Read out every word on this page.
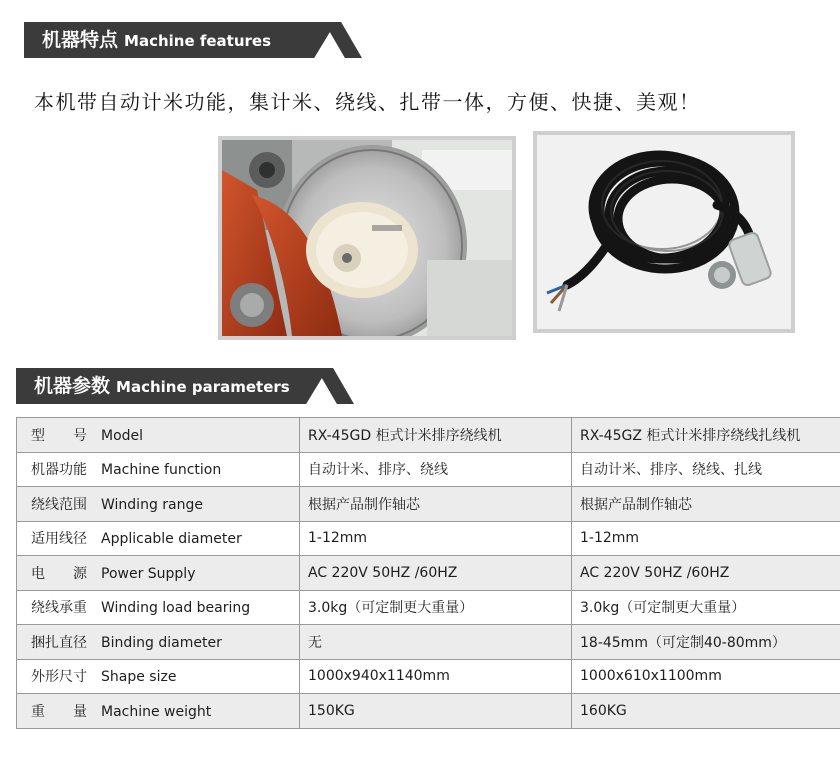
机器特点 Machine features
本机带自动计米功能，集计米、绕线、扎带一体，方便、快捷、美观！
机器参数 Machine parameters
型　　号 Model	RX-45GD 柜式计米排序绕线机	RX-45GZ 柜式计米排序绕线扎线机
机器功能 Machine function	自动计米、排序、绕线	自动计米、排序、绕线、扎线
绕线范围 Winding range	根据产品制作轴芯	根据产品制作轴芯
适用线径 Applicable diameter	1-12mm	1-12mm
电　　源 Power Supply	AC 220V 50HZ /60HZ	AC 220V 50HZ /60HZ
绕线承重 Winding load bearing	3.0kg（可定制更大重量）	3.0kg（可定制更大重量）
捆扎直径 Binding diameter	无	18-45mm（可定制40-80mm）
外形尺寸 Shape size	1000x940x1140mm	1000x610x1100mm
重　　量 Machine weight	150KG	160KG
